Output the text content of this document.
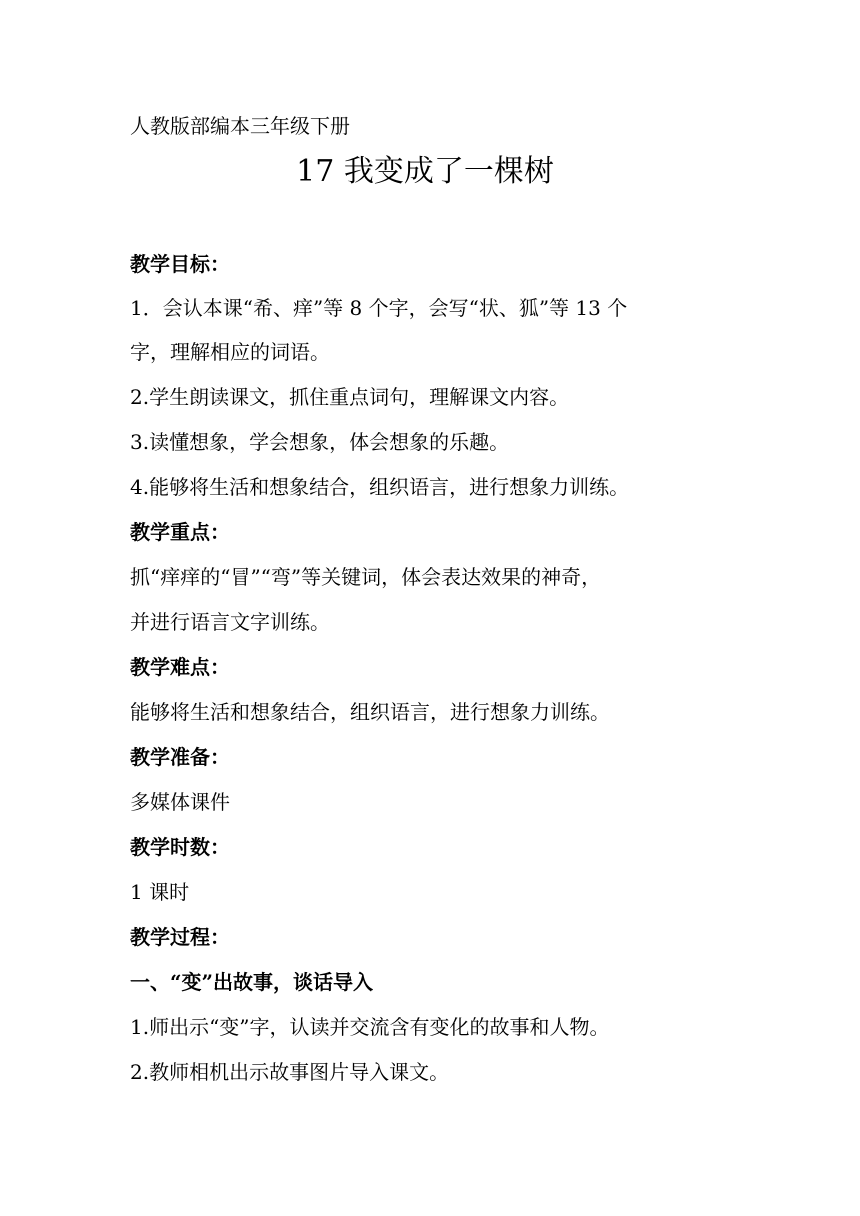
人教版部编本三年级下册
17 我变成了一棵树
教学目标：
1．会认本课“希、痒”等 8 个字，会写“状、狐”等 13 个
字，理解相应的词语。
2.学生朗读课文，抓住重点词句，理解课文内容。
3.读懂想象，学会想象，体会想象的乐趣。
4.能够将生活和想象结合，组织语言，进行想象力训练。
教学重点：
抓“痒痒的“冒”“弯”等关键词，体会表达效果的神奇，
并进行语言文字训练。
教学难点：
能够将生活和想象结合，组织语言，进行想象力训练。
教学准备：
多媒体课件
教学时数：
1 课时
教学过程：
一、“变”出故事，谈话导入
1.师出示“变”字，认读并交流含有变化的故事和人物。
2.教师相机出示故事图片导入课文。
